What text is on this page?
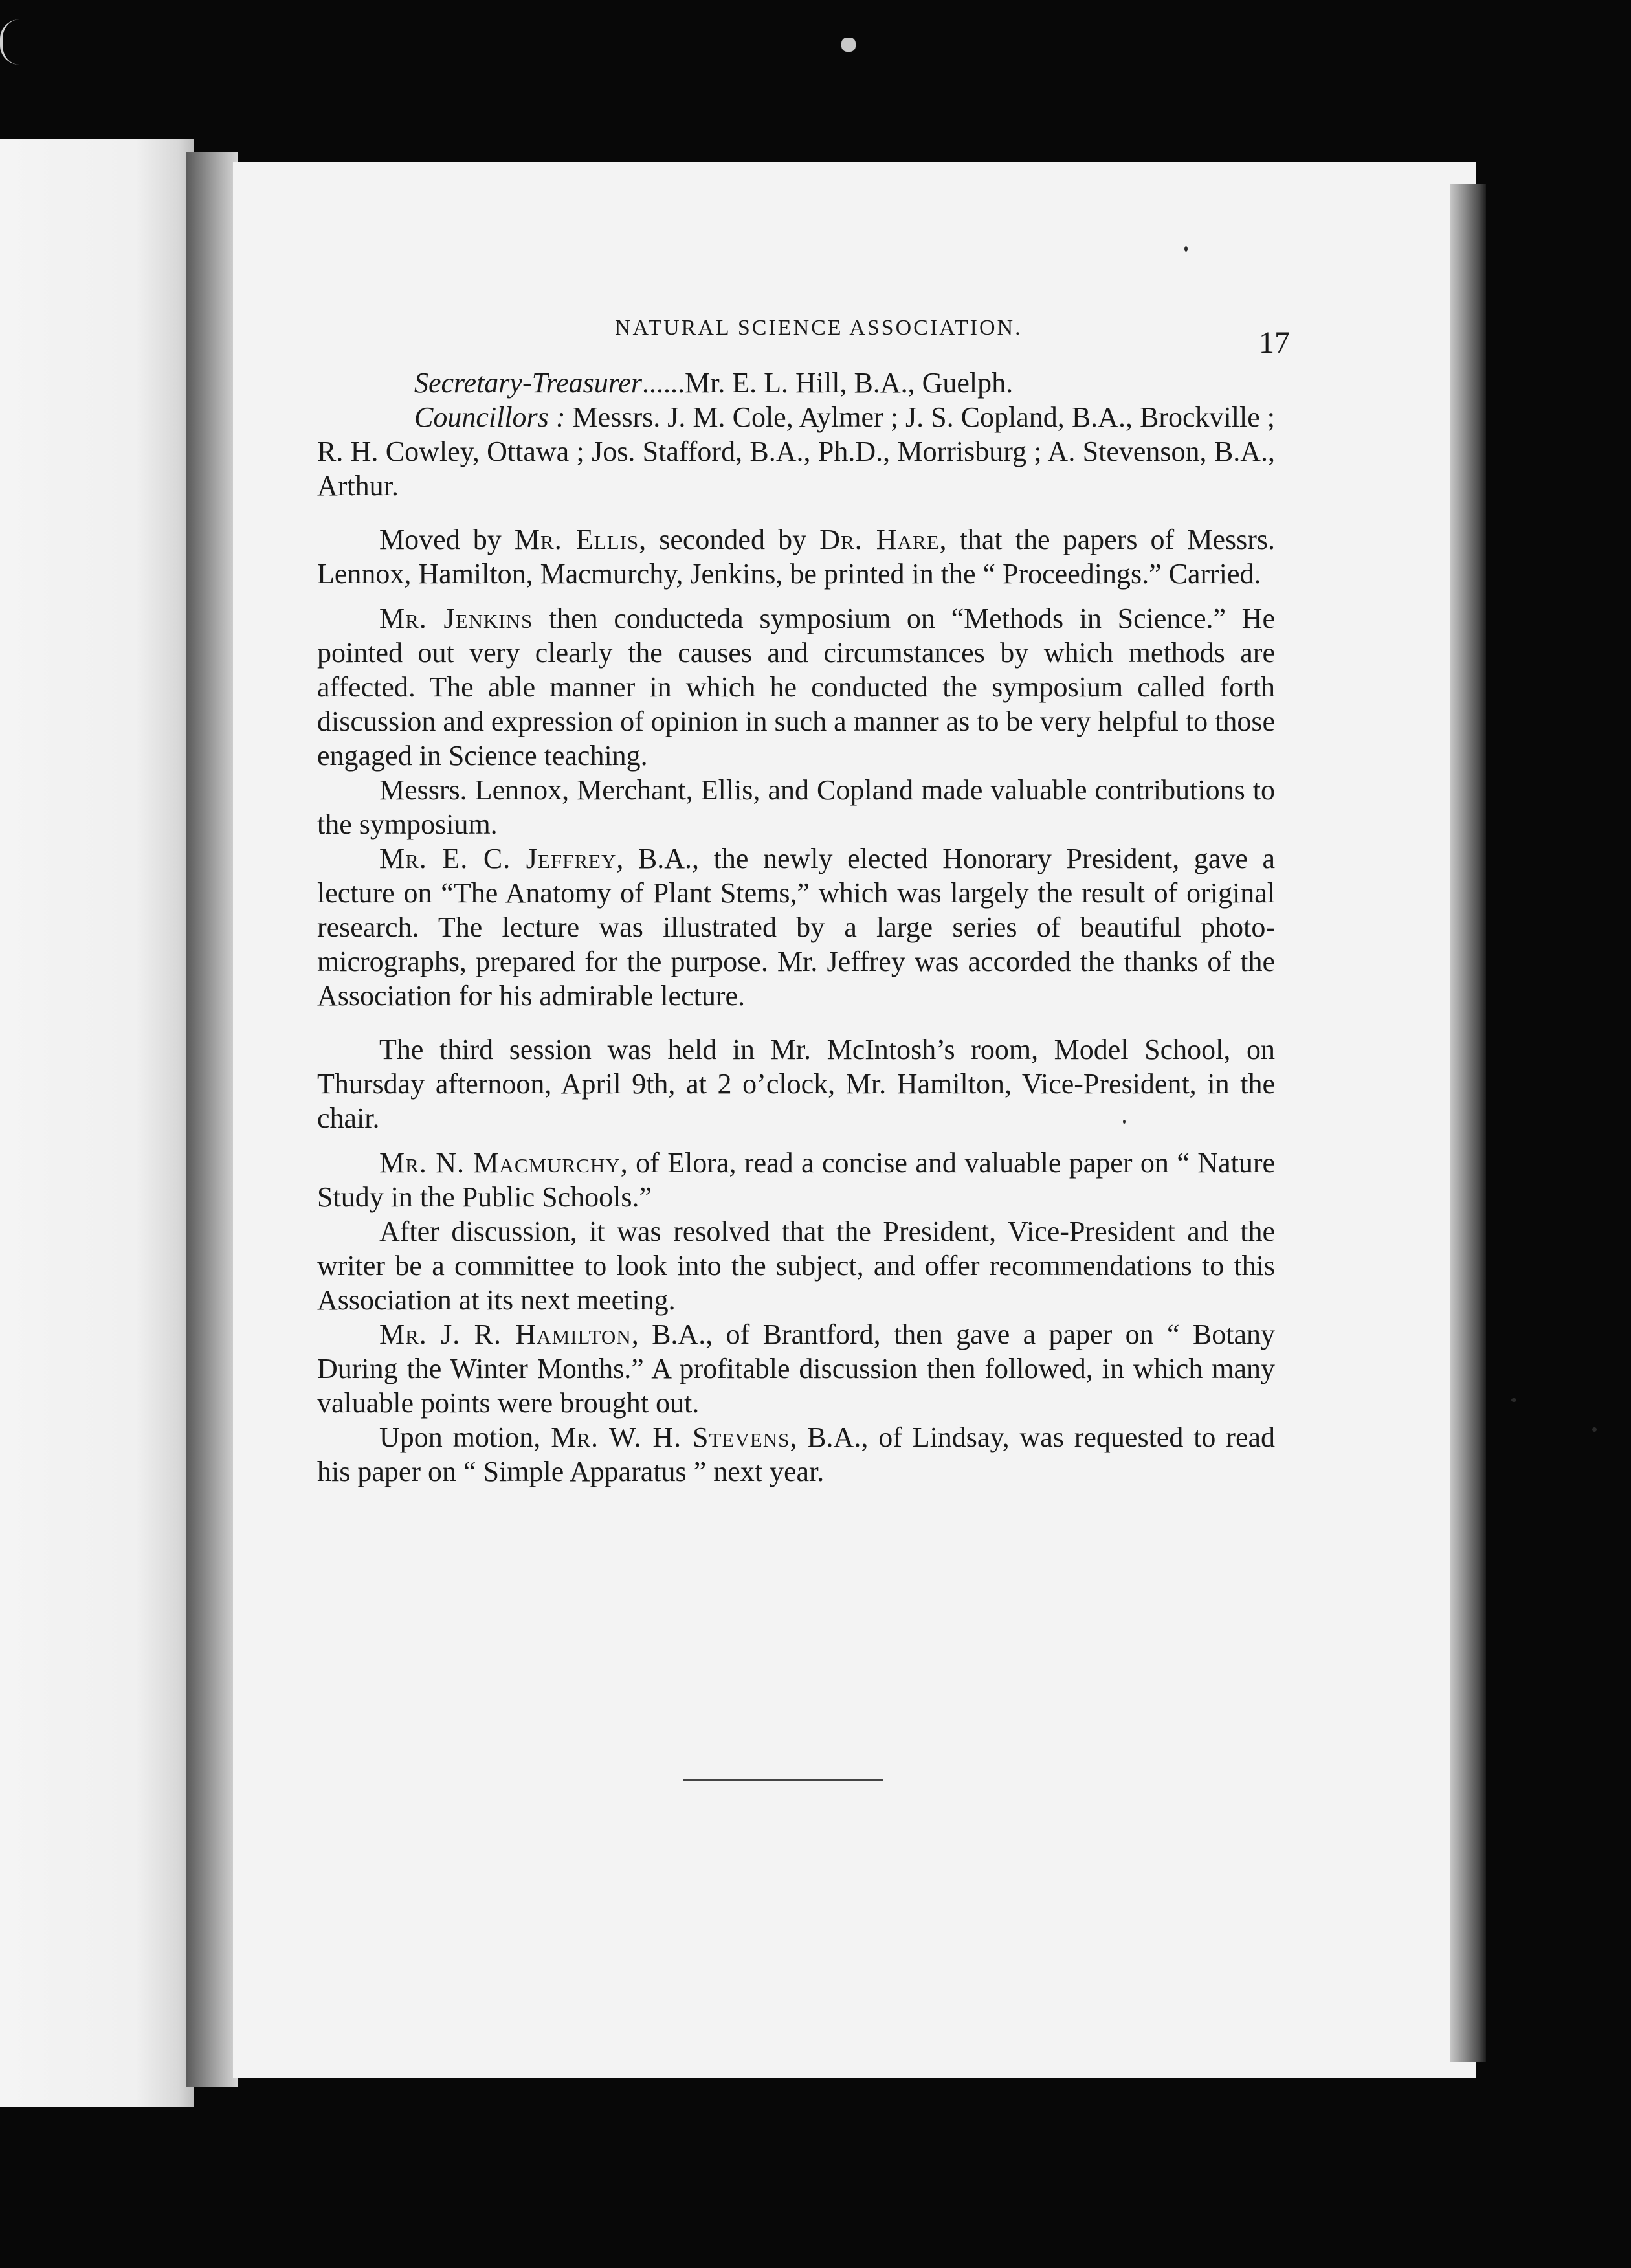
NATURAL SCIENCE ASSOCIATION.	17

Secretary-Treasurer......Mr. E. L. Hill, B.A., Guelph.

Councillors : Messrs. J. M. Cole, Aylmer ; J. S. Copland, B.A., Brockville ; R. H. Cowley, Ottawa ; Jos. Stafford, B.A., Ph.D., Morrisburg ; A. Stevenson, B.A., Arthur.

Moved by Mr. Ellis, seconded by Dr. Hare, that the papers of Messrs. Lennox, Hamilton, Macmurchy, Jenkins, be printed in the “ Proceedings.” Carried.

Mr. Jenkins then conducteda symposium on “Methods in Science.” He pointed out very clearly the causes and circumstances by which methods are affected. The able manner in which he conducted the symposium called forth discussion and expression of opinion in such a manner as to be very helpful to those engaged in Science teaching.

Messrs. Lennox, Merchant, Ellis, and Copland made valuable contributions to the symposium.

Mr. E. C. Jeffrey, B.A., the newly elected Honorary President, gave a lecture on “The Anatomy of Plant Stems,” which was largely the result of original research. The lecture was illustrated by a large series of beautiful photo-micrographs, prepared for the purpose. Mr. Jeffrey was accorded the thanks of the Association for his admirable lecture.

The third session was held in Mr. McIntosh’s room, Model School, on Thursday afternoon, April 9th, at 2 o’clock, Mr. Hamilton, Vice-President, in the chair.

Mr. N. Macmurchy, of Elora, read a concise and valuable paper on “ Nature Study in the Public Schools.”

After discussion, it was resolved that the President, Vice-President and the writer be a committee to look into the subject, and offer recommendations to this Association at its next meeting.

Mr. J. R. Hamilton, B.A., of Brantford, then gave a paper on “ Botany During the Winter Months.” A profitable discussion then followed, in which many valuable points were brought out.

Upon motion, Mr. W. H. Stevens, B.A., of Lindsay, was requested to read his paper on “ Simple Apparatus ” next year.
